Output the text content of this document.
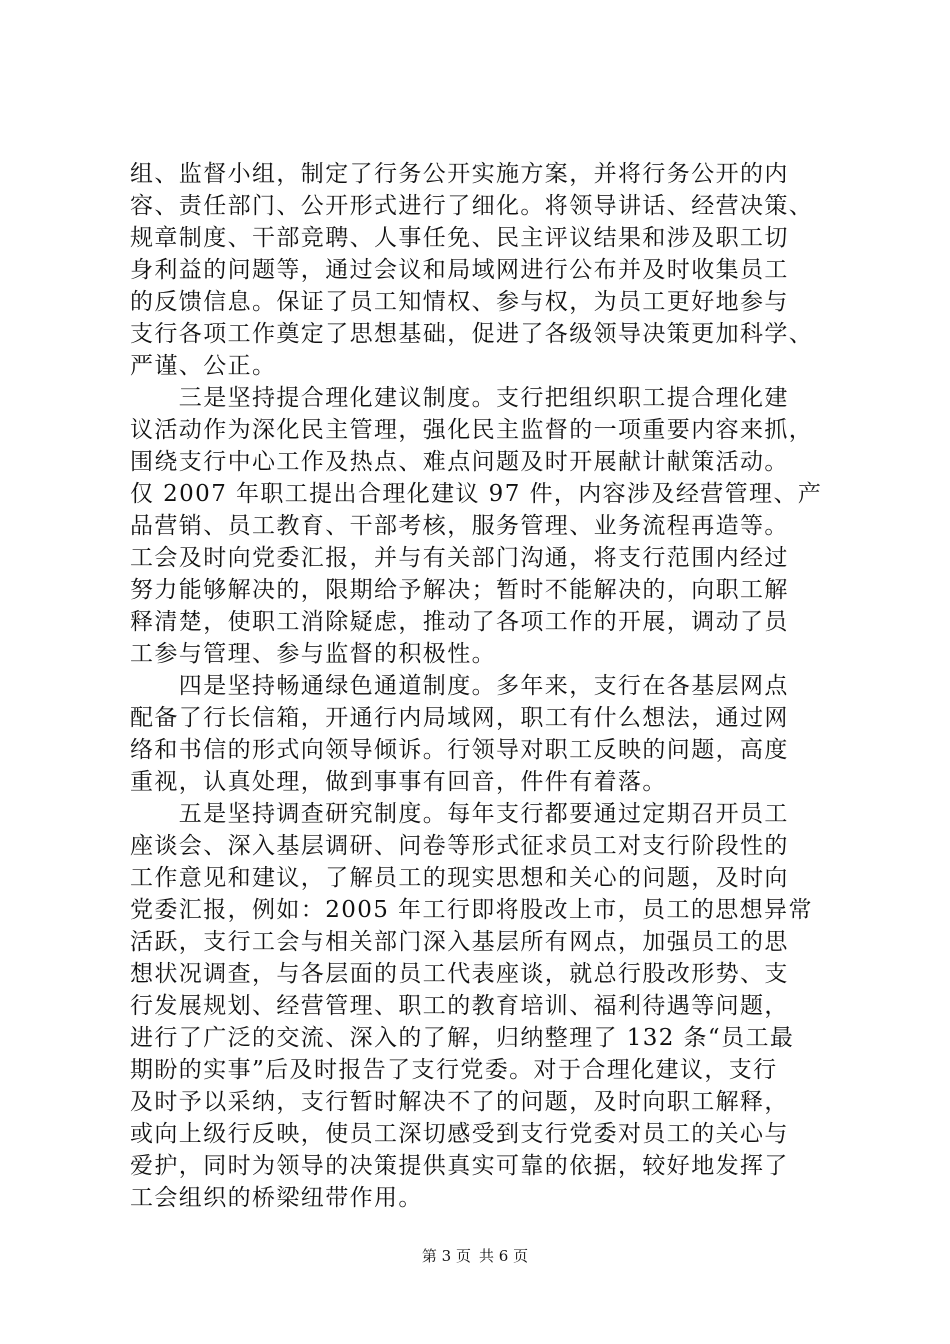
组、监督小组，制定了行务公开实施方案，并将行务公开的内
容、责任部门、公开形式进行了细化。将领导讲话、经营决策、
规章制度、干部竞聘、人事任免、民主评议结果和涉及职工切
身利益的问题等，通过会议和局域网进行公布并及时收集员工
的反馈信息。保证了员工知情权、参与权，为员工更好地参与
支行各项工作奠定了思想基础，促进了各级领导决策更加科学、
严谨、公正。
　　三是坚持提合理化建议制度。支行把组织职工提合理化建
议活动作为深化民主管理，强化民主监督的一项重要内容来抓，
围绕支行中心工作及热点、难点问题及时开展献计献策活动。
仅 2007 年职工提出合理化建议 97 件，内容涉及经营管理、产
品营销、员工教育、干部考核，服务管理、业务流程再造等。
工会及时向党委汇报，并与有关部门沟通，将支行范围内经过
努力能够解决的，限期给予解决；暂时不能解决的，向职工解
释清楚，使职工消除疑虑，推动了各项工作的开展，调动了员
工参与管理、参与监督的积极性。
　　四是坚持畅通绿色通道制度。多年来，支行在各基层网点
配备了行长信箱，开通行内局域网，职工有什么想法，通过网
络和书信的形式向领导倾诉。行领导对职工反映的问题，高度
重视，认真处理，做到事事有回音，件件有着落。
　　五是坚持调查研究制度。每年支行都要通过定期召开员工
座谈会、深入基层调研、问卷等形式征求员工对支行阶段性的
工作意见和建议，了解员工的现实思想和关心的问题，及时向
党委汇报，例如：2005 年工行即将股改上市，员工的思想异常
活跃，支行工会与相关部门深入基层所有网点，加强员工的思
想状况调查，与各层面的员工代表座谈，就总行股改形势、支
行发展规划、经营管理、职工的教育培训、福利待遇等问题，
进行了广泛的交流、深入的了解，归纳整理了 132 条“员工最
期盼的实事”后及时报告了支行党委。对于合理化建议，支行
及时予以采纳，支行暂时解决不了的问题，及时向职工解释，
或向上级行反映，使员工深切感受到支行党委对员工的关心与
爱护，同时为领导的决策提供真实可靠的依据，较好地发挥了
工会组织的桥梁纽带作用。
第 3 页 共 6 页
